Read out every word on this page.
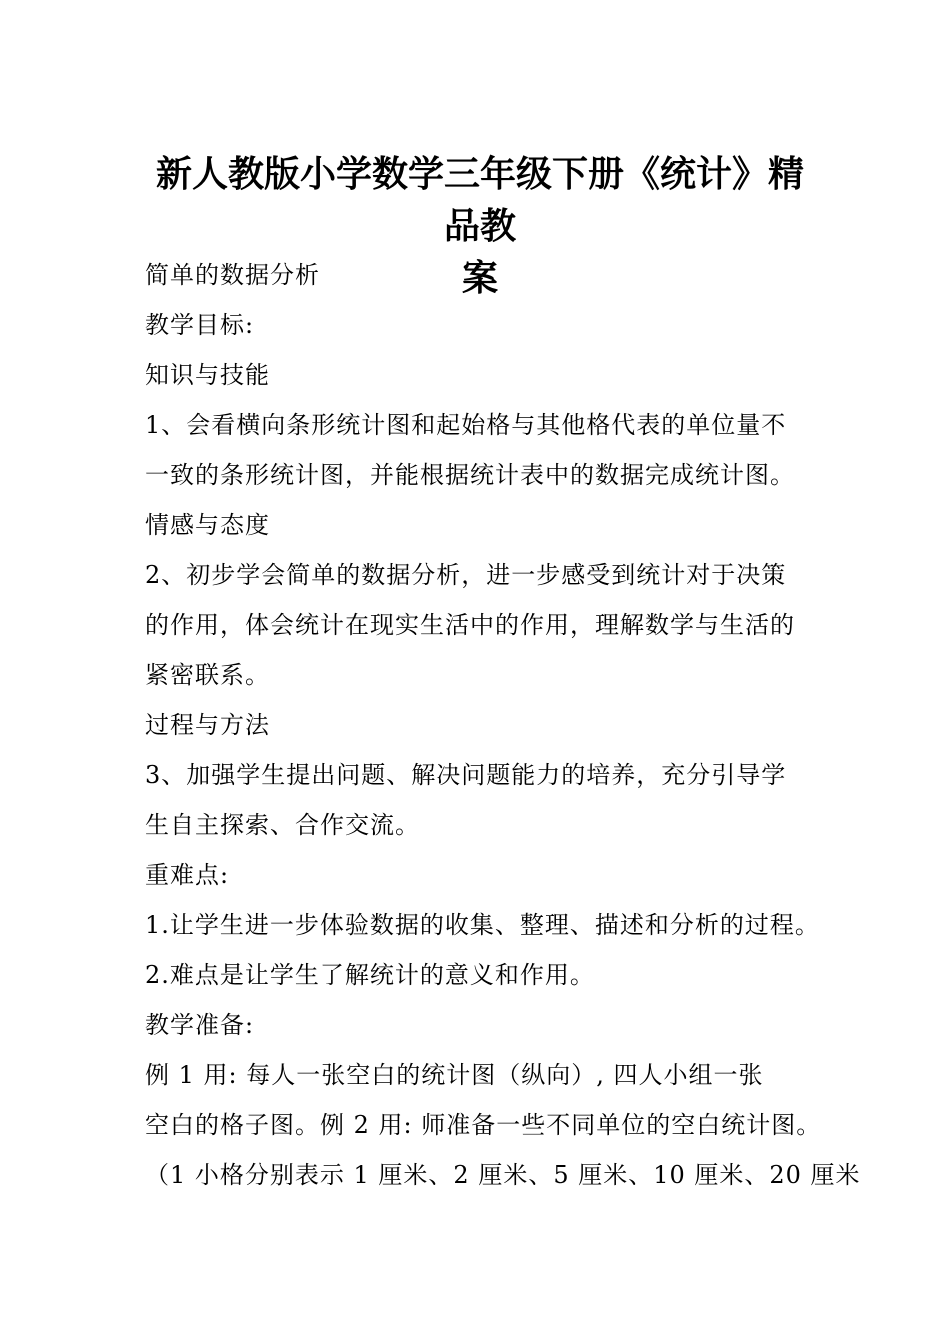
新人教版小学数学三年级下册《统计》精品教
案
简单的数据分析
教学目标:
知识与技能
1、会看横向条形统计图和起始格与其他格代表的单位量不
一致的条形统计图，并能根据统计表中的数据完成统计图。
情感与态度
2、初步学会简单的数据分析，进一步感受到统计对于决策
的作用，体会统计在现实生活中的作用，理解数学与生活的
紧密联系。
过程与方法
3、加强学生提出问题、解决问题能力的培养，充分引导学
生自主探索、合作交流。
重难点:
1.让学生进一步体验数据的收集、整理、描述和分析的过程。
2.难点是让学生了解统计的意义和作用。
教学准备:
例 1 用: 每人一张空白的统计图（纵向）, 四人小组一张
空白的格子图。例 2 用: 师准备一些不同单位的空白统计图。
（1 小格分别表示 1 厘米、2 厘米、5 厘米、10 厘米、20 厘米
